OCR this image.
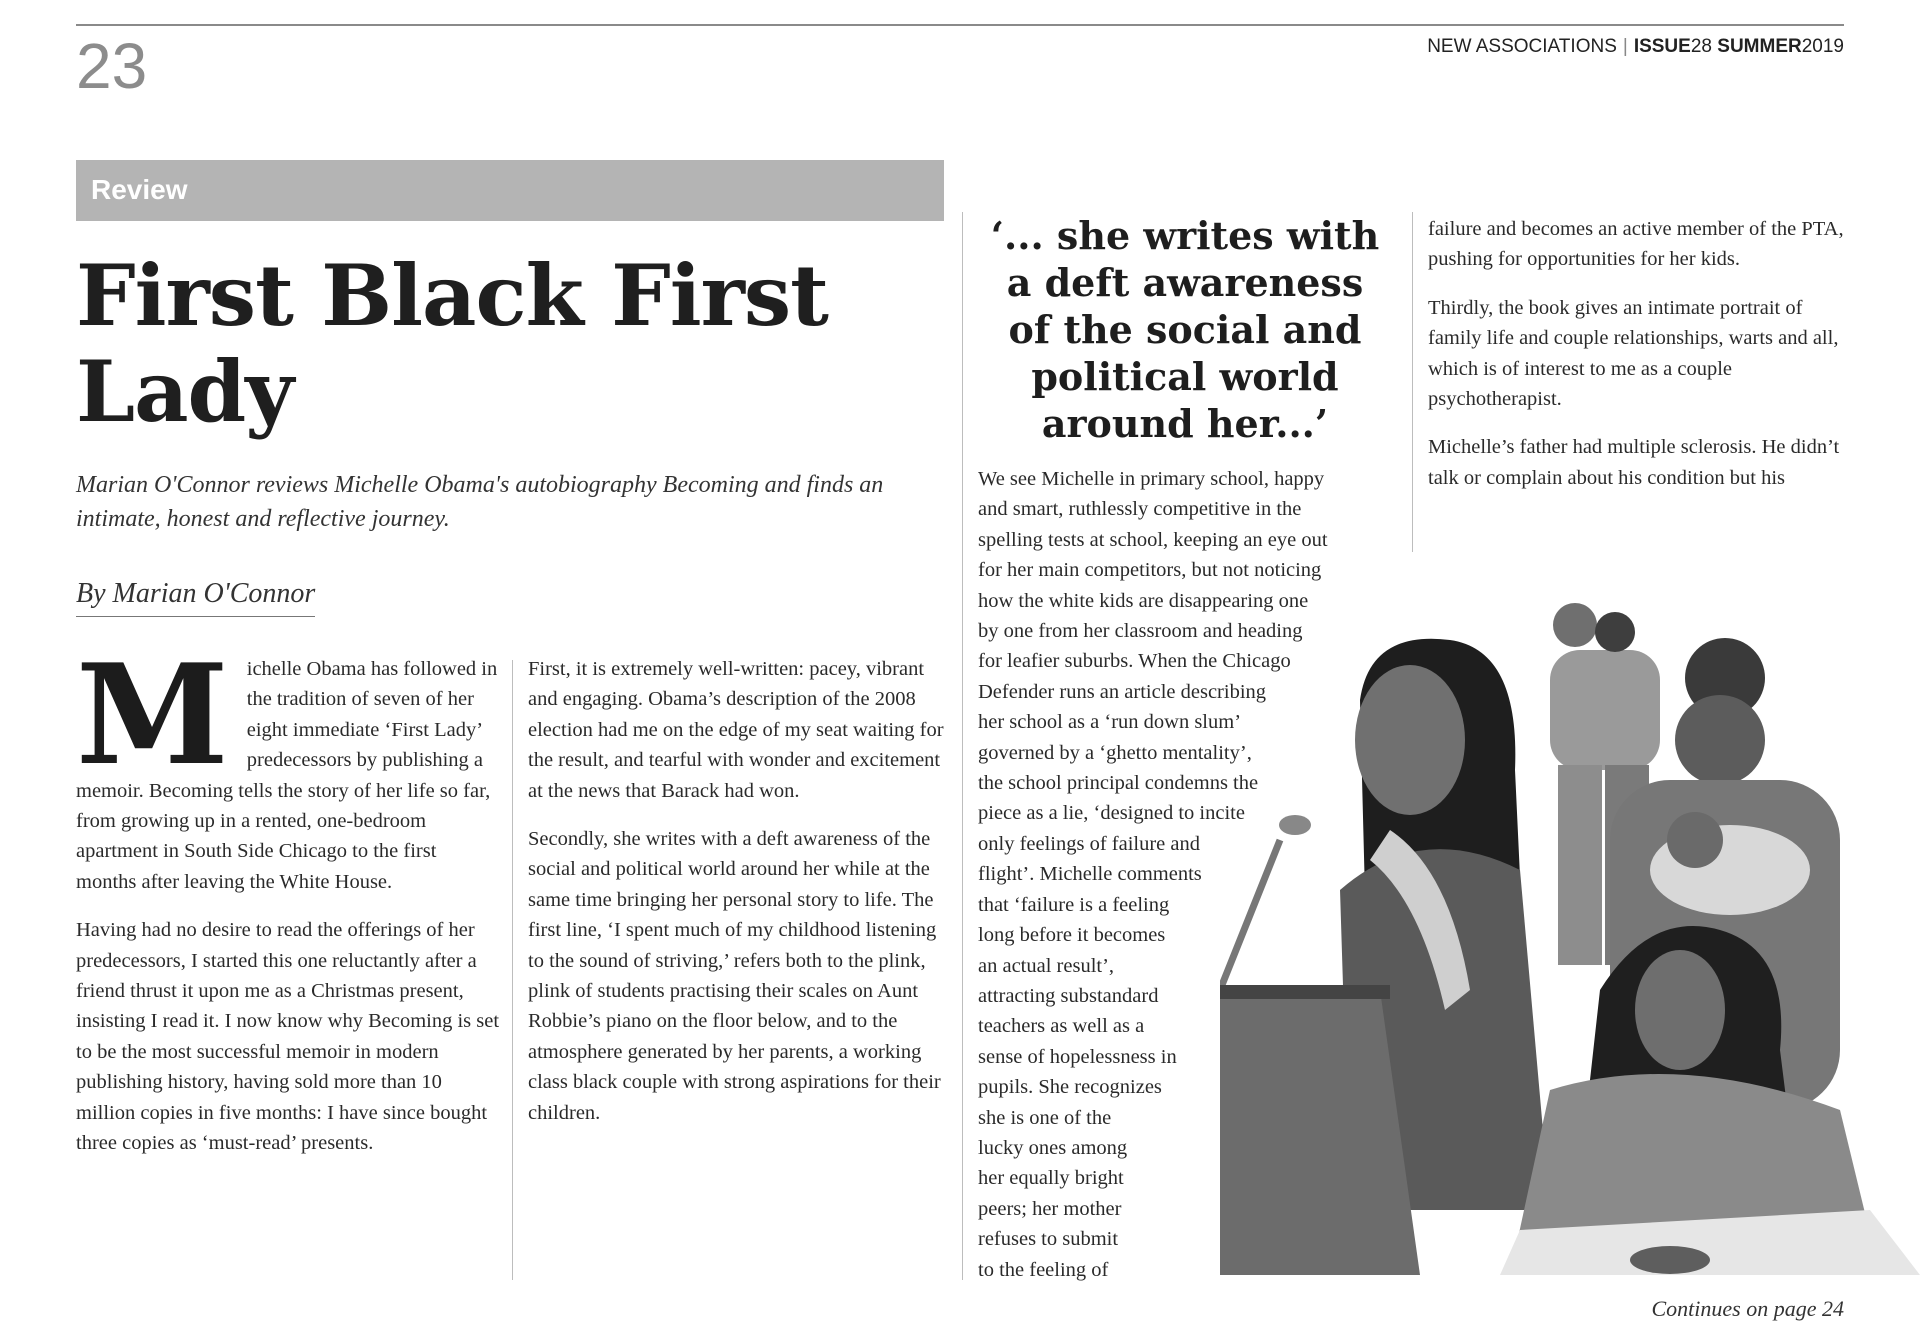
23	NEW ASSOCIATIONS | ISSUE28 SUMMER2019
Review
First Black First Lady
Marian O'Connor reviews Michelle Obama's autobiography Becoming and finds an intimate, honest and reflective journey.
By Marian O'Connor

Michelle Obama has followed in the tradition of seven of her eight immediate ‘First Lady’ predecessors by publishing a memoir. Becoming tells the story of her life so far, from growing up in a rented, one-bedroom apartment in South Side Chicago to the first months after leaving the White House.

Having had no desire to read the offerings of her predecessors, I started this one reluctantly after a friend thrust it upon me as a Christmas present, insisting I read it. I now know why Becoming is set to be the most successful memoir in modern publishing history, having sold more than 10 million copies in five months: I have since bought three copies as ‘must-read’ presents.

First, it is extremely well-written: pacey, vibrant and engaging. Obama’s description of the 2008 election had me on the edge of my seat waiting for the result, and tearful with wonder and excitement at the news that Barack had won.

Secondly, she writes with a deft awareness of the social and political world around her while at the same time bringing her personal story to life. The first line, ‘I spent much of my childhood listening to the sound of striving,’ refers both to the plink, plink of students practising their scales on Aunt Robbie’s piano on the floor below, and to the atmosphere generated by her parents, a working class black couple with strong aspirations for their children.

‘... she writes with a deft awareness of the social and political world around her...’
We see Michelle in primary school, happy
and smart, ruthlessly competitive in the
spelling tests at school, keeping an eye out
for her main competitors, but not noticing
how the white kids are disappearing one
by one from her classroom and heading
for leafier suburbs. When the Chicago
Defender runs an article describing
her school as a ‘run down slum’
governed by a ‘ghetto mentality’,
the school principal condemns the
piece as a lie, ‘designed to incite
only feelings of failure and
flight’. Michelle comments
that ‘failure is a feeling
long before it becomes
an actual result’,
attracting substandard
teachers as well as a
sense of hopelessness in
pupils. She recognizes
she is one of the
lucky ones among
her equally bright
peers; her mother
refuses to submit
to the feeling of

failure and becomes an active member of the PTA, pushing for opportunities for her kids.

Thirdly, the book gives an intimate portrait of family life and couple relationships, warts and all, which is of interest to me as a couple psychotherapist.

Michelle’s father had multiple sclerosis. He didn’t talk or complain about his condition but his

Continues on page 24
